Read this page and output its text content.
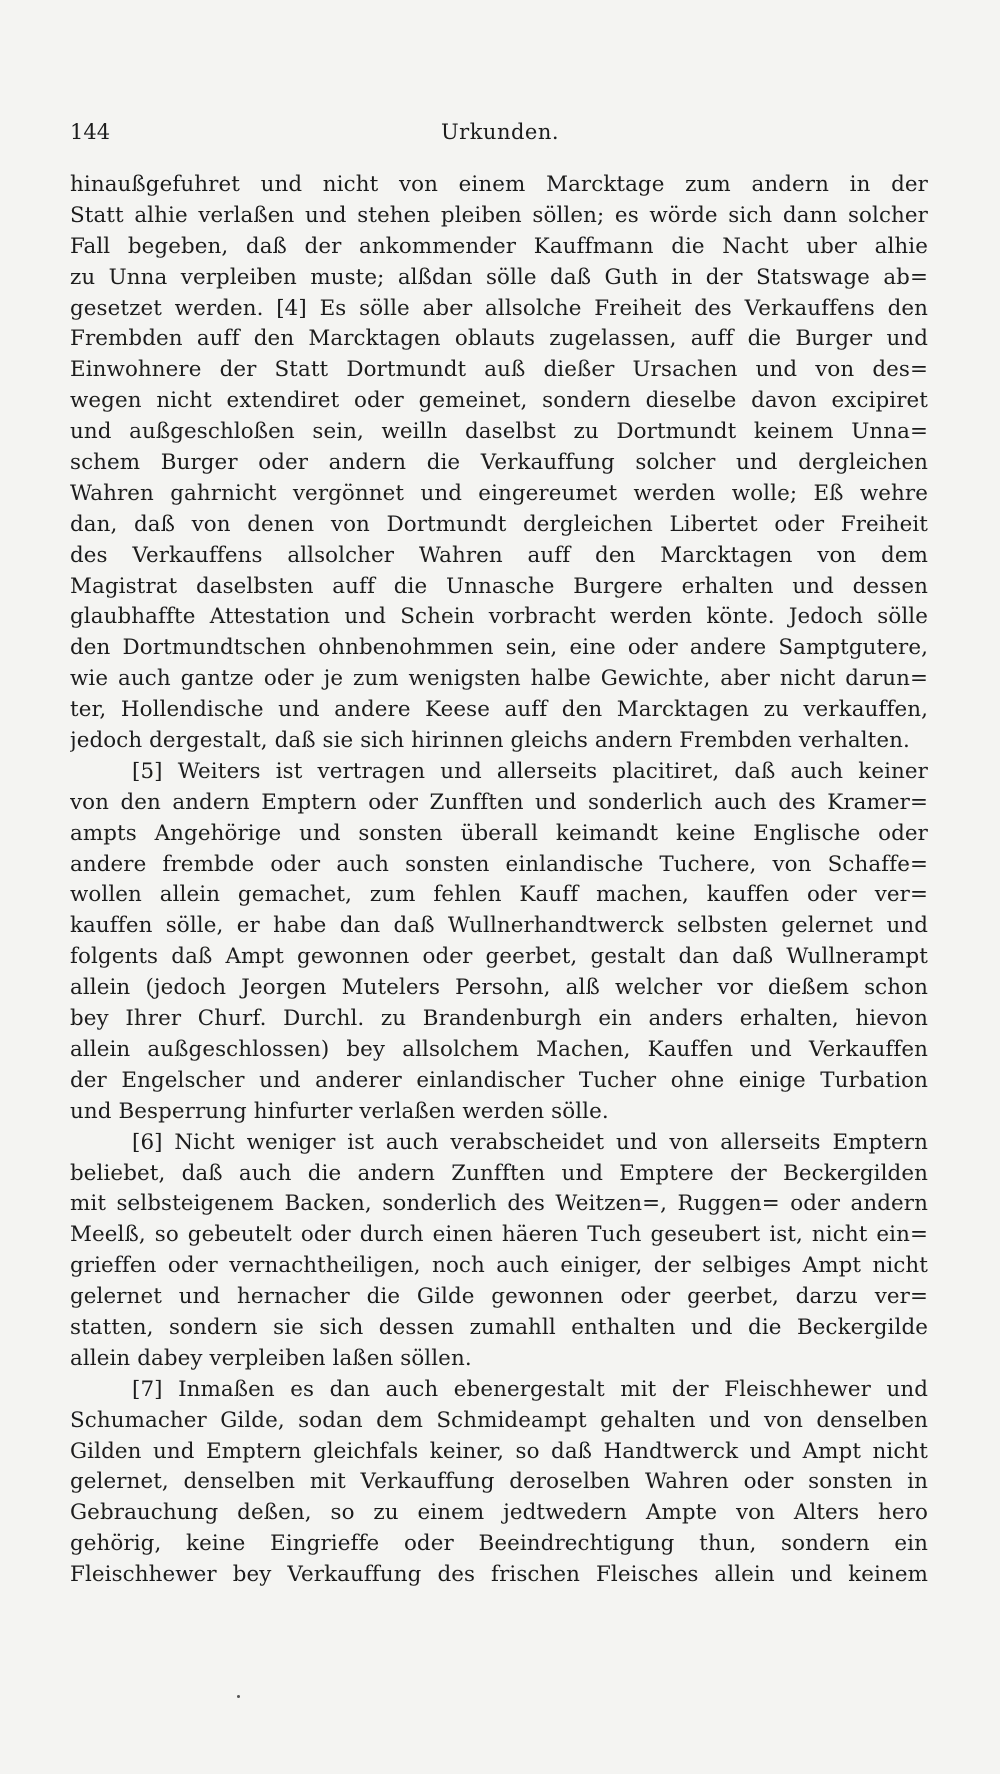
144	Urkunden.
hinaußgefuhret und nicht von einem Marcktage zum andern in der
Statt alhie verlaßen und stehen pleiben söllen; es wörde sich dann solcher
Fall begeben, daß der ankommender Kauffmann die Nacht uber alhie
zu Unna verpleiben muste; alßdan sölle daß Guth in der Statswage ab=
gesetzet werden. [4] Es sölle aber allsolche Freiheit des Verkauffens den
Frembden auff den Marcktagen oblauts zugelassen, auff die Burger und
Einwohnere der Statt Dortmundt auß dießer Ursachen und von des=
wegen nicht extendiret oder gemeinet, sondern dieselbe davon excipiret
und außgeschloßen sein, weilln daselbst zu Dortmundt keinem Unna=
schem Burger oder andern die Verkauffung solcher und dergleichen
Wahren gahrnicht vergönnet und eingereumet werden wolle; Eß wehre
dan, daß von denen von Dortmundt dergleichen Libertet oder Freiheit
des Verkauffens allsolcher Wahren auff den Marcktagen von dem
Magistrat daselbsten auff die Unnasche Burgere erhalten und dessen
glaubhaffte Attestation und Schein vorbracht werden könte. Jedoch sölle
den Dortmundtschen ohnbenohmmen sein, eine oder andere Samptgutere,
wie auch gantze oder je zum wenigsten halbe Gewichte, aber nicht darun=
ter, Hollendische und andere Keese auff den Marcktagen zu verkauffen,
jedoch dergestalt, daß sie sich hirinnen gleichs andern Frembden verhalten.
[5] Weiters ist vertragen und allerseits placitiret, daß auch keiner
von den andern Emptern oder Zunfften und sonderlich auch des Kramer=
ampts Angehörige und sonsten überall keimandt keine Englische oder
andere frembde oder auch sonsten einlandische Tuchere, von Schaffe=
wollen allein gemachet, zum fehlen Kauff machen, kauffen oder ver=
kauffen sölle, er habe dan daß Wullnerhandtwerck selbsten gelernet und
folgents daß Ampt gewonnen oder geerbet, gestalt dan daß Wullnerampt
allein (jedoch Jeorgen Mutelers Persohn, alß welcher vor dießem schon
bey Ihrer Churf. Durchl. zu Brandenburgh ein anders erhalten, hievon
allein außgeschlossen) bey allsolchem Machen, Kauffen und Verkauffen
der Engelscher und anderer einlandischer Tucher ohne einige Turbation
und Besperrung hinfurter verlaßen werden sölle.
[6] Nicht weniger ist auch verabscheidet und von allerseits Emptern
beliebet, daß auch die andern Zunfften und Emptere der Beckergilden
mit selbsteigenem Backen, sonderlich des Weitzen=, Ruggen= oder andern
Meelß, so gebeutelt oder durch einen häeren Tuch geseubert ist, nicht ein=
grieffen oder vernachtheiligen, noch auch einiger, der selbiges Ampt nicht
gelernet und hernacher die Gilde gewonnen oder geerbet, darzu ver=
statten, sondern sie sich dessen zumahll enthalten und die Beckergilde
allein dabey verpleiben laßen söllen.
[7] Inmaßen es dan auch ebenergestalt mit der Fleischhewer und
Schumacher Gilde, sodan dem Schmideampt gehalten und von denselben
Gilden und Emptern gleichfals keiner, so daß Handtwerck und Ampt nicht
gelernet, denselben mit Verkauffung deroselben Wahren oder sonsten in
Gebrauchung deßen, so zu einem jedtwedern Ampte von Alters hero
gehörig, keine Eingrieffe oder Beeindrechtigung thun, sondern ein
Fleischhewer bey Verkauffung des frischen Fleisches allein und keinem
